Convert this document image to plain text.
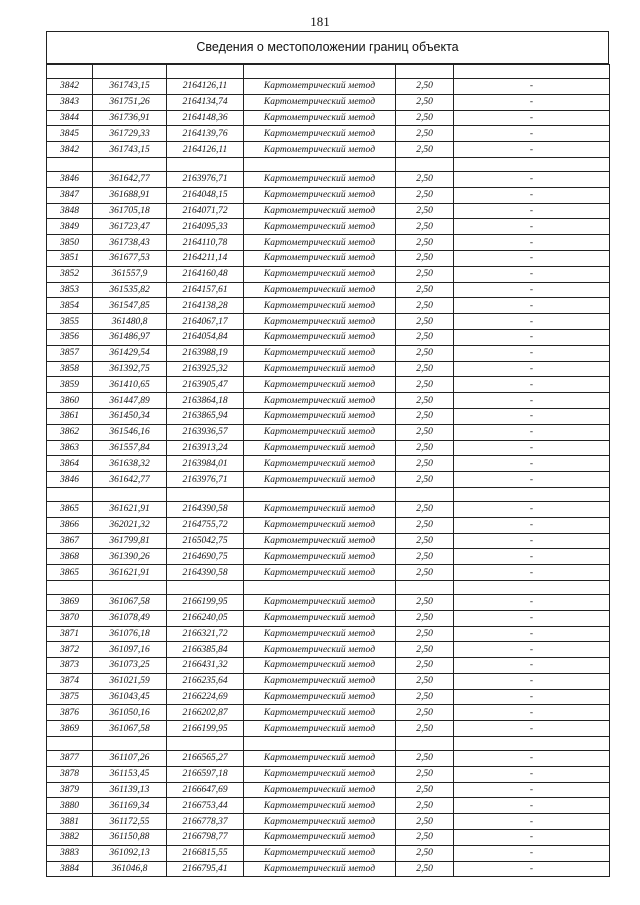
181
Сведения о местоположении границ объекта

3842	361743,15	2164126,11	Картометрический метод	2,50	-
3843	361751,26	2164134,74	Картометрический метод	2,50	-
3844	361736,91	2164148,36	Картометрический метод	2,50	-
3845	361729,33	2164139,76	Картометрический метод	2,50	-
3842	361743,15	2164126,11	Картометрический метод	2,50	-

3846	361642,77	2163976,71	Картометрический метод	2,50	-
3847	361688,91	2164048,15	Картометрический метод	2,50	-
3848	361705,18	2164071,72	Картометрический метод	2,50	-
3849	361723,47	2164095,33	Картометрический метод	2,50	-
3850	361738,43	2164110,78	Картометрический метод	2,50	-
3851	361677,53	2164211,14	Картометрический метод	2,50	-
3852	361557,9	2164160,48	Картометрический метод	2,50	-
3853	361535,82	2164157,61	Картометрический метод	2,50	-
3854	361547,85	2164138,28	Картометрический метод	2,50	-
3855	361480,8	2164067,17	Картометрический метод	2,50	-
3856	361486,97	2164054,84	Картометрический метод	2,50	-
3857	361429,54	2163988,19	Картометрический метод	2,50	-
3858	361392,75	2163925,32	Картометрический метод	2,50	-
3859	361410,65	2163905,47	Картометрический метод	2,50	-
3860	361447,89	2163864,18	Картометрический метод	2,50	-
3861	361450,34	2163865,94	Картометрический метод	2,50	-
3862	361546,16	2163936,57	Картометрический метод	2,50	-
3863	361557,84	2163913,24	Картометрический метод	2,50	-
3864	361638,32	2163984,01	Картометрический метод	2,50	-
3846	361642,77	2163976,71	Картометрический метод	2,50	-

3865	361621,91	2164390,58	Картометрический метод	2,50	-
3866	362021,32	2164755,72	Картометрический метод	2,50	-
3867	361799,81	2165042,75	Картометрический метод	2,50	-
3868	361390,26	2164690,75	Картометрический метод	2,50	-
3865	361621,91	2164390,58	Картометрический метод	2,50	-

3869	361067,58	2166199,95	Картометрический метод	2,50	-
3870	361078,49	2166240,05	Картометрический метод	2,50	-
3871	361076,18	2166321,72	Картометрический метод	2,50	-
3872	361097,16	2166385,84	Картометрический метод	2,50	-
3873	361073,25	2166431,32	Картометрический метод	2,50	-
3874	361021,59	2166235,64	Картометрический метод	2,50	-
3875	361043,45	2166224,69	Картометрический метод	2,50	-
3876	361050,16	2166202,87	Картометрический метод	2,50	-
3869	361067,58	2166199,95	Картометрический метод	2,50	-

3877	361107,26	2166565,27	Картометрический метод	2,50	-
3878	361153,45	2166597,18	Картометрический метод	2,50	-
3879	361139,13	2166647,69	Картометрический метод	2,50	-
3880	361169,34	2166753,44	Картометрический метод	2,50	-
3881	361172,55	2166778,37	Картометрический метод	2,50	-
3882	361150,88	2166798,77	Картометрический метод	2,50	-
3883	361092,13	2166815,55	Картометрический метод	2,50	-
3884	361046,8	2166795,41	Картометрический метод	2,50	-
